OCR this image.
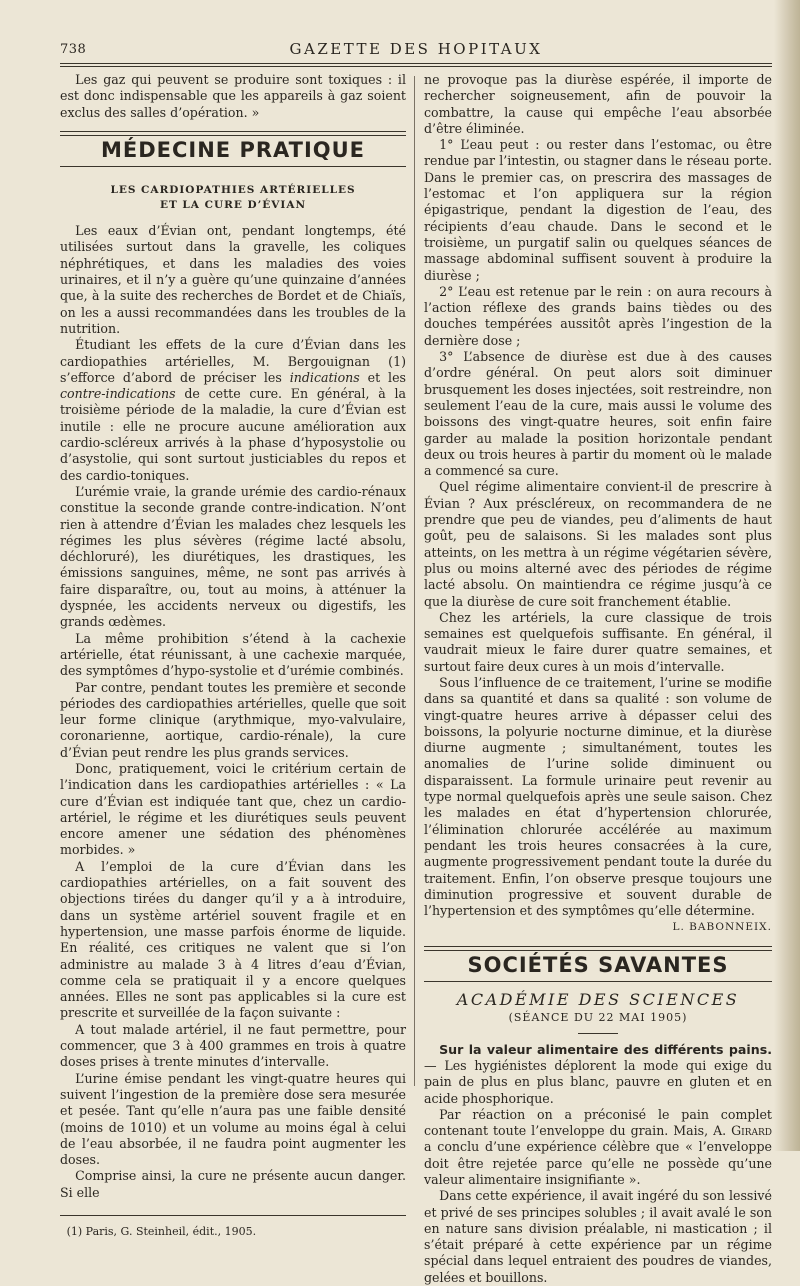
738	GAZETTE DES HOPITAUX

Les gaz qui peuvent se produire sont toxiques : il est donc indispensable que les appareils à gaz soient exclus des salles d’opération. »

MÉDECINE PRATIQUE

LES CARDIOPATHIES ARTÉRIELLES
ET LA CURE D’ÉVIAN

Les eaux d’Évian ont, pendant longtemps, été utilisées surtout dans la gravelle, les coliques néphrétiques, et dans les maladies des voies urinaires, et il n’y a guère qu’une quinzaine d’années que, à la suite des recherches de Bordet et de Chiaïs, on les a aussi recommandées dans les troubles de la nutrition.

Étudiant les effets de la cure d’Évian dans les cardiopathies artérielles, M. Bergouignan (1) s’efforce d’abord de préciser les indications et les contre-indications de cette cure. En général, à la troisième période de la maladie, la cure d’Évian est inutile : elle ne procure aucune amélioration aux cardio-scléreux arrivés à la phase d’hyposystolie ou d’asystolie, qui sont surtout justiciables du repos et des cardio-toniques.

L’urémie vraie, la grande urémie des cardio-rénaux constitue la seconde grande contre-indication. N’ont rien à attendre d’Évian les malades chez lesquels les régimes les plus sévères (régime lacté absolu, déchloruré), les diurétiques, les drastiques, les émissions sanguines, même, ne sont pas arrivés à faire disparaître, ou, tout au moins, à atténuer la dyspnée, les accidents nerveux ou digestifs, les grands œdèmes.

La même prohibition s’étend à la cachexie artérielle, état réunissant, à une cachexie marquée, des symptômes d’hypo-systolie et d’urémie combinés.

Par contre, pendant toutes les première et seconde périodes des cardiopathies artérielles, quelle que soit leur forme clinique (arythmique, myo-valvulaire, coronarienne, aortique, cardio-rénale), la cure d’Évian peut rendre les plus grands services.

Donc, pratiquement, voici le critérium certain de l’indication dans les cardiopathies artérielles : « La cure d’Évian est indiquée tant que, chez un cardio-artériel, le régime et les diurétiques seuls peuvent encore amener une sédation des phénomènes morbides. »

A l’emploi de la cure d’Évian dans les cardiopathies artérielles, on a fait souvent des objections tirées du danger qu’il y a à introduire, dans un système artériel souvent fragile et en hypertension, une masse parfois énorme de liquide. En réalité, ces critiques ne valent que si l’on administre au malade 3 à 4 litres d’eau d’Évian, comme cela se pratiquait il y a encore quelques années. Elles ne sont pas applicables si la cure est prescrite et surveillée de la façon suivante :

A tout malade artériel, il ne faut permettre, pour commencer, que 3 à 400 grammes en trois à quatre doses prises à trente minutes d’intervalle.

L’urine émise pendant les vingt-quatre heures qui suivent l’ingestion de la première dose sera mesurée et pesée. Tant qu’elle n’aura pas une faible densité (moins de 1010) et un volume au moins égal à celui de l’eau absorbée, il ne faudra point augmenter les doses.

Comprise ainsi, la cure ne présente aucun danger. Si elle

(1) Paris, G. Steinheil, édit., 1905.

ne provoque pas la diurèse espérée, il importe de rechercher soigneusement, afin de pouvoir la combattre, la cause qui empêche l’eau absorbée d’être éliminée.

1° L’eau peut : ou rester dans l’estomac, ou être rendue par l’intestin, ou stagner dans le réseau porte. Dans le premier cas, on prescrira des massages de l’estomac et l’on appliquera sur la région épigastrique, pendant la digestion de l’eau, des récipients d’eau chaude. Dans le second et le troisième, un purgatif salin ou quelques séances de massage abdominal suffisent souvent à produire la diurèse ;

2° L’eau est retenue par le rein : on aura recours à l’action réflexe des grands bains tièdes ou des douches tempérées aussitôt après l’ingestion de la dernière dose ;

3° L’absence de diurèse est due à des causes d’ordre général. On peut alors soit diminuer brusquement les doses injectées, soit restreindre, non seulement l’eau de la cure, mais aussi le volume des boissons des vingt-quatre heures, soit enfin faire garder au malade la position horizontale pendant deux ou trois heures à partir du moment où le malade a commencé sa cure.

Quel régime alimentaire convient-il de prescrire à Évian ? Aux préscléreux, on recommandera de ne prendre que peu de viandes, peu d’aliments de haut goût, peu de salaisons. Si les malades sont plus atteints, on les mettra à un régime végétarien sévère, plus ou moins alterné avec des périodes de régime lacté absolu. On maintiendra ce régime jusqu’à ce que la diurèse de cure soit franchement établie.

Chez les artériels, la cure classique de trois semaines est quelquefois suffisante. En général, il vaudrait mieux le faire durer quatre semaines, et surtout faire deux cures à un mois d’intervalle.

Sous l’influence de ce traitement, l’urine se modifie dans sa quantité et dans sa qualité : son volume de vingt-quatre heures arrive à dépasser celui des boissons, la polyurie nocturne diminue, et la diurèse diurne augmente ; simultanément, toutes les anomalies de l’urine solide diminuent ou disparaissent. La formule urinaire peut revenir au type normal quelquefois après une seule saison. Chez les malades en état d’hypertension chlorurée, l’élimination chlorurée accélérée au maximum pendant les trois heures consacrées à la cure, augmente progressivement pendant toute la durée du traitement. Enfin, l’on observe presque toujours une diminution progressive et souvent durable de l’hypertension et des symptômes qu’elle détermine.

L. BABONNEIX.

SOCIÉTÉS SAVANTES

ACADÉMIE DES SCIENCES

(SÉANCE DU 22 MAI 1905)

Sur la valeur alimentaire des différents pains. — Les hygiénistes déplorent la mode qui exige du pain de plus en plus blanc, pauvre en gluten et en acide phosphorique.

Par réaction on a préconisé le pain complet contenant toute l’enveloppe du grain. Mais, A. Girard a conclu d’une expérience célèbre que « l’enveloppe doit être rejetée parce qu’elle ne possède qu’une valeur alimentaire insignifiante ».

Dans cette expérience, il avait ingéré du son lessivé et privé de ses principes solubles ; il avait avalé le son en nature sans division préalable, ni mastication ; il s’était préparé à cette expérience par un régime spécial dans lequel entraient des poudres de viandes, gelées et bouillons.
